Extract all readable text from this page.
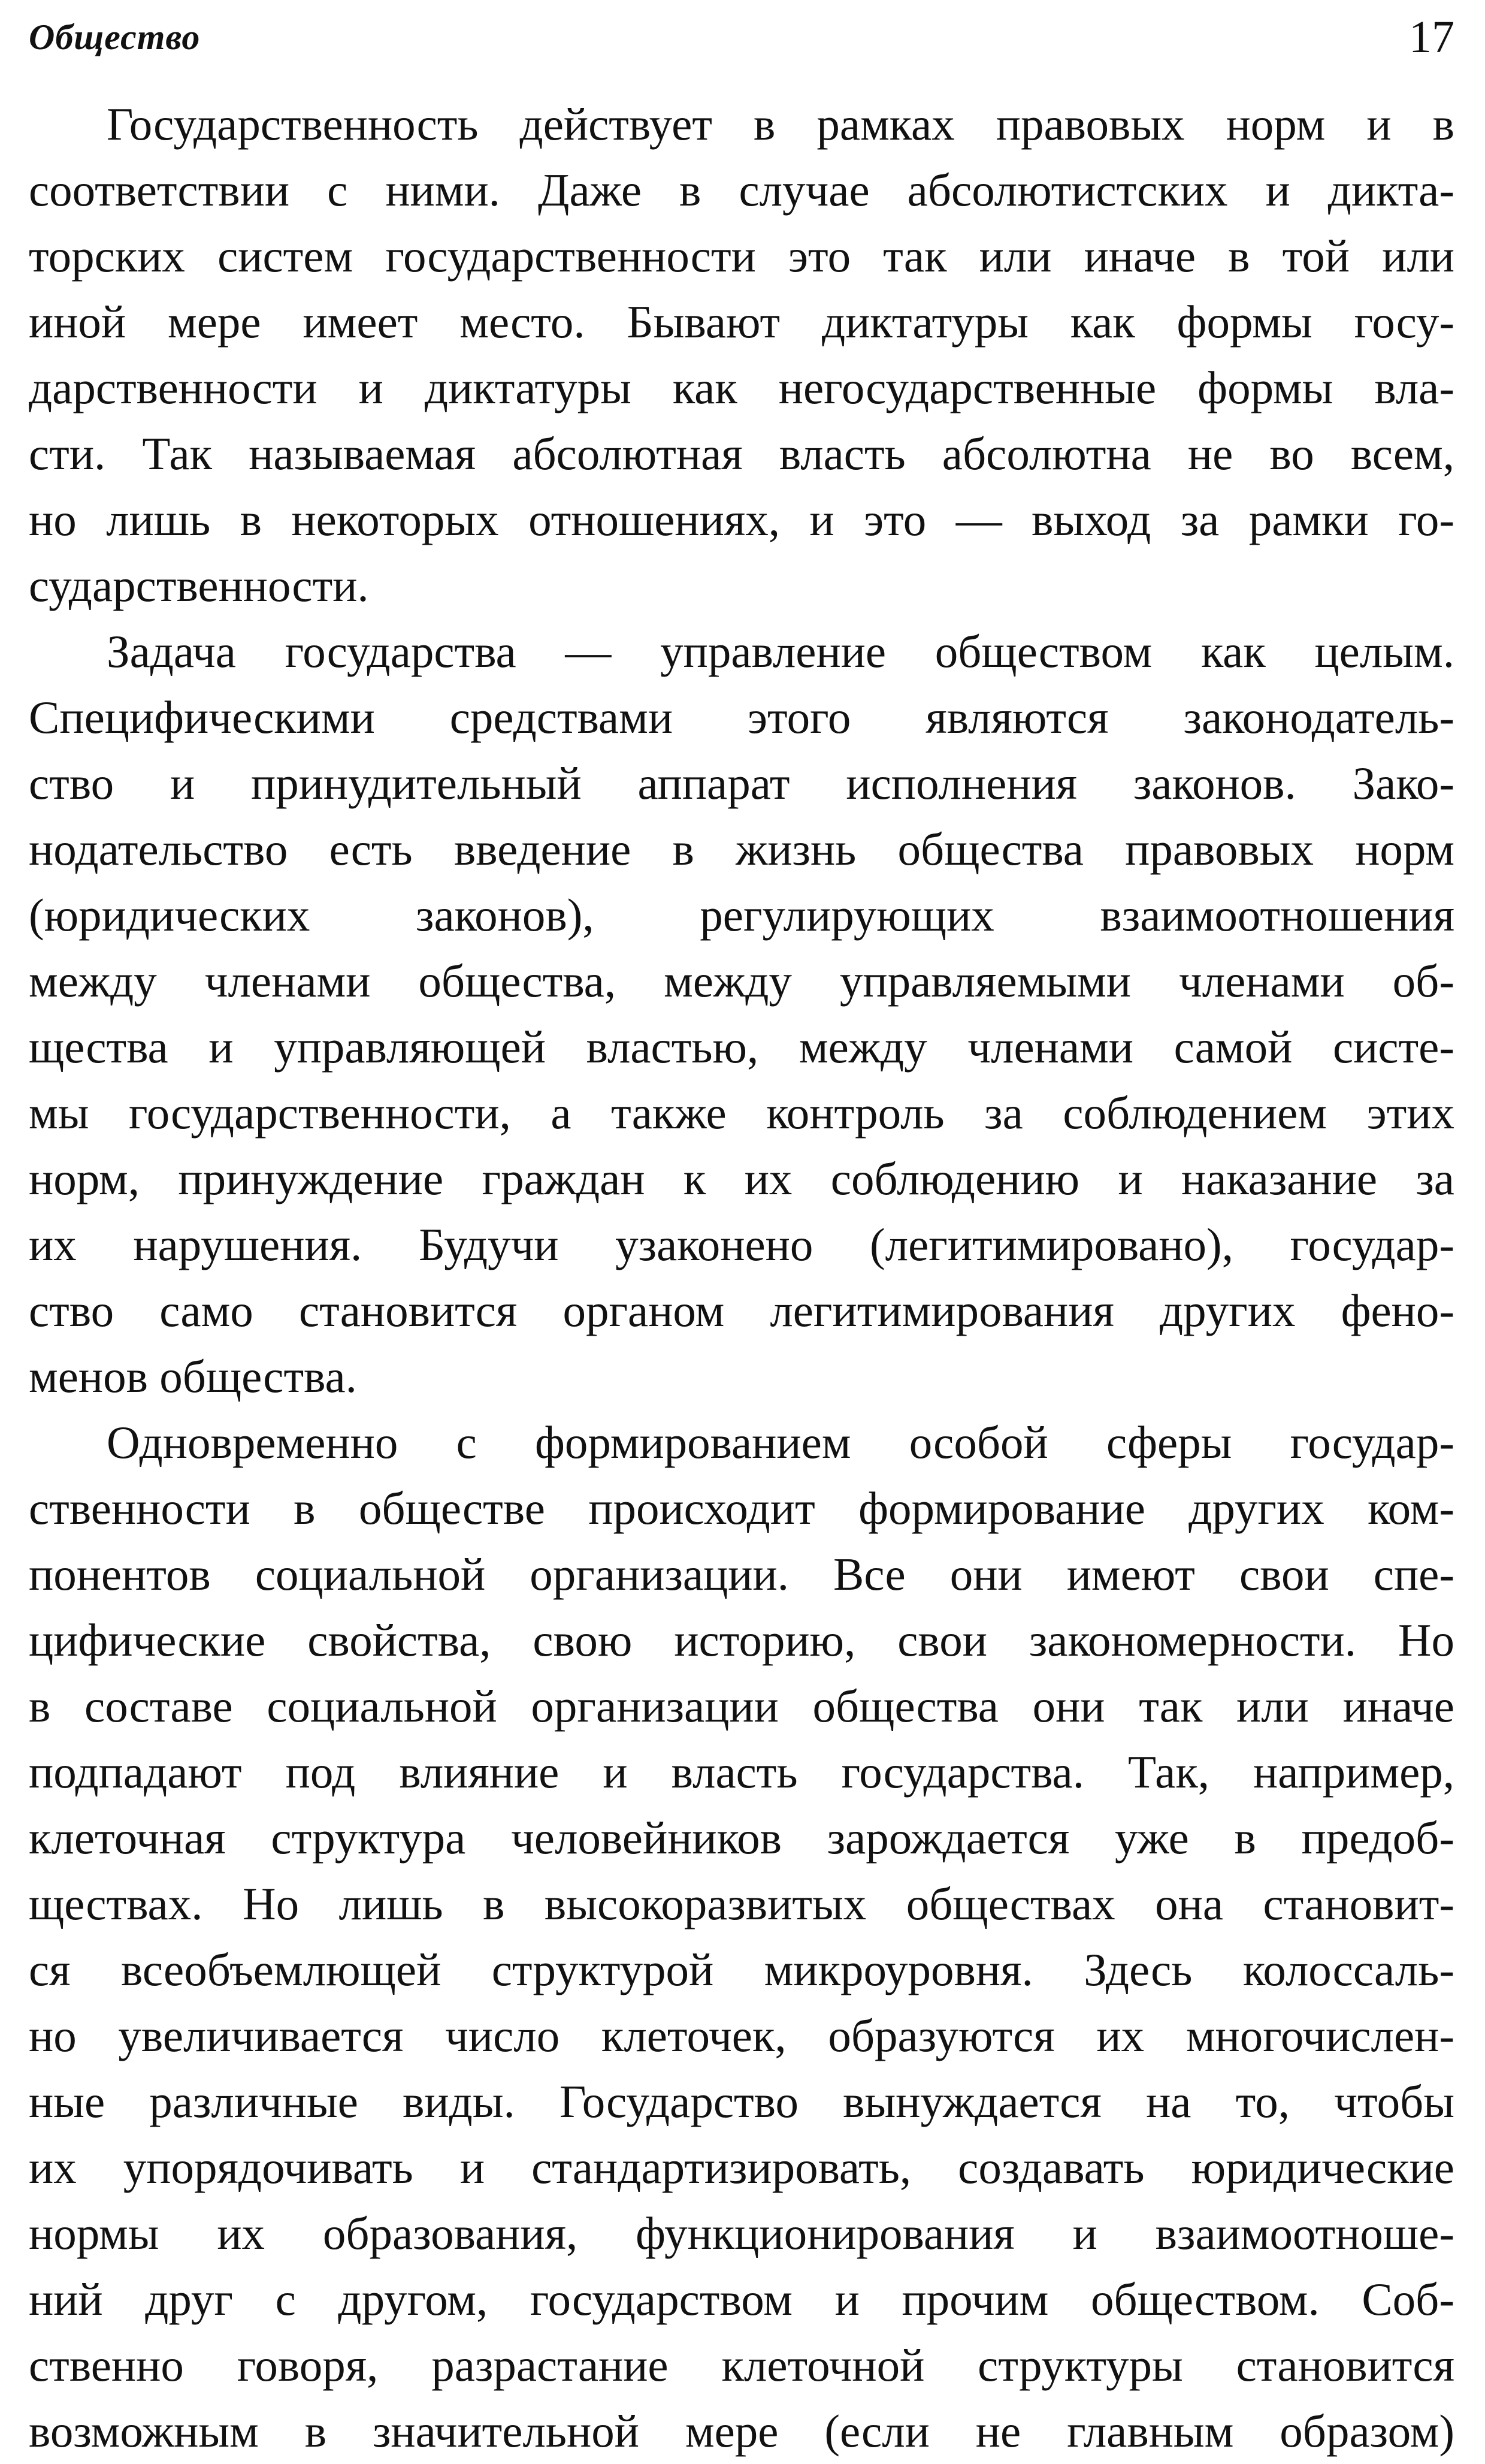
Общество	17
Государственность действует в рамках правовых норм и в
соответствии с ними. Даже в случае абсолютистских и дикта-
торских систем государственности это так или иначе в той или
иной мере имеет место. Бывают диктатуры как формы госу-
дарственности и диктатуры как негосударственные формы вла-
сти. Так называемая абсолютная власть абсолютна не во всем,
но лишь в некоторых отношениях, и это — выход за рамки го-
сударственности.
Задача государства — управление обществом как целым.
Специфическими средствами этого являются законодатель-
ство и принудительный аппарат исполнения законов. Зако-
нодательство есть введение в жизнь общества правовых норм
(юридических законов), регулирующих взаимоотношения
между членами общества, между управляемыми членами об-
щества и управляющей властью, между членами самой систе-
мы государственности, а также контроль за соблюдением этих
норм, принуждение граждан к их соблюдению и наказание за
их нарушения. Будучи узаконено (легитимировано), государ-
ство само становится органом легитимирования других фено-
менов общества.
Одновременно с формированием особой сферы государ-
ственности в обществе происходит формирование других ком-
понентов социальной организации. Все они имеют свои спе-
цифические свойства, свою историю, свои закономерности. Но
в составе социальной организации общества они так или иначе
подпадают под влияние и власть государства. Так, например,
клеточная структура человейников зарождается уже в предоб-
ществах. Но лишь в высокоразвитых обществах она становит-
ся всеобъемлющей структурой микроуровня. Здесь колоссаль-
но увеличивается число клеточек, образуются их многочислен-
ные различные виды. Государство вынуждается на то, чтобы
их упорядочивать и стандартизировать, создавать юридические
нормы их образования, функционирования и взаимоотноше-
ний друг с другом, государством и прочим обществом. Соб-
ственно говоря, разрастание клеточной структуры становится
возможным в значительной мере (если не главным образом)
